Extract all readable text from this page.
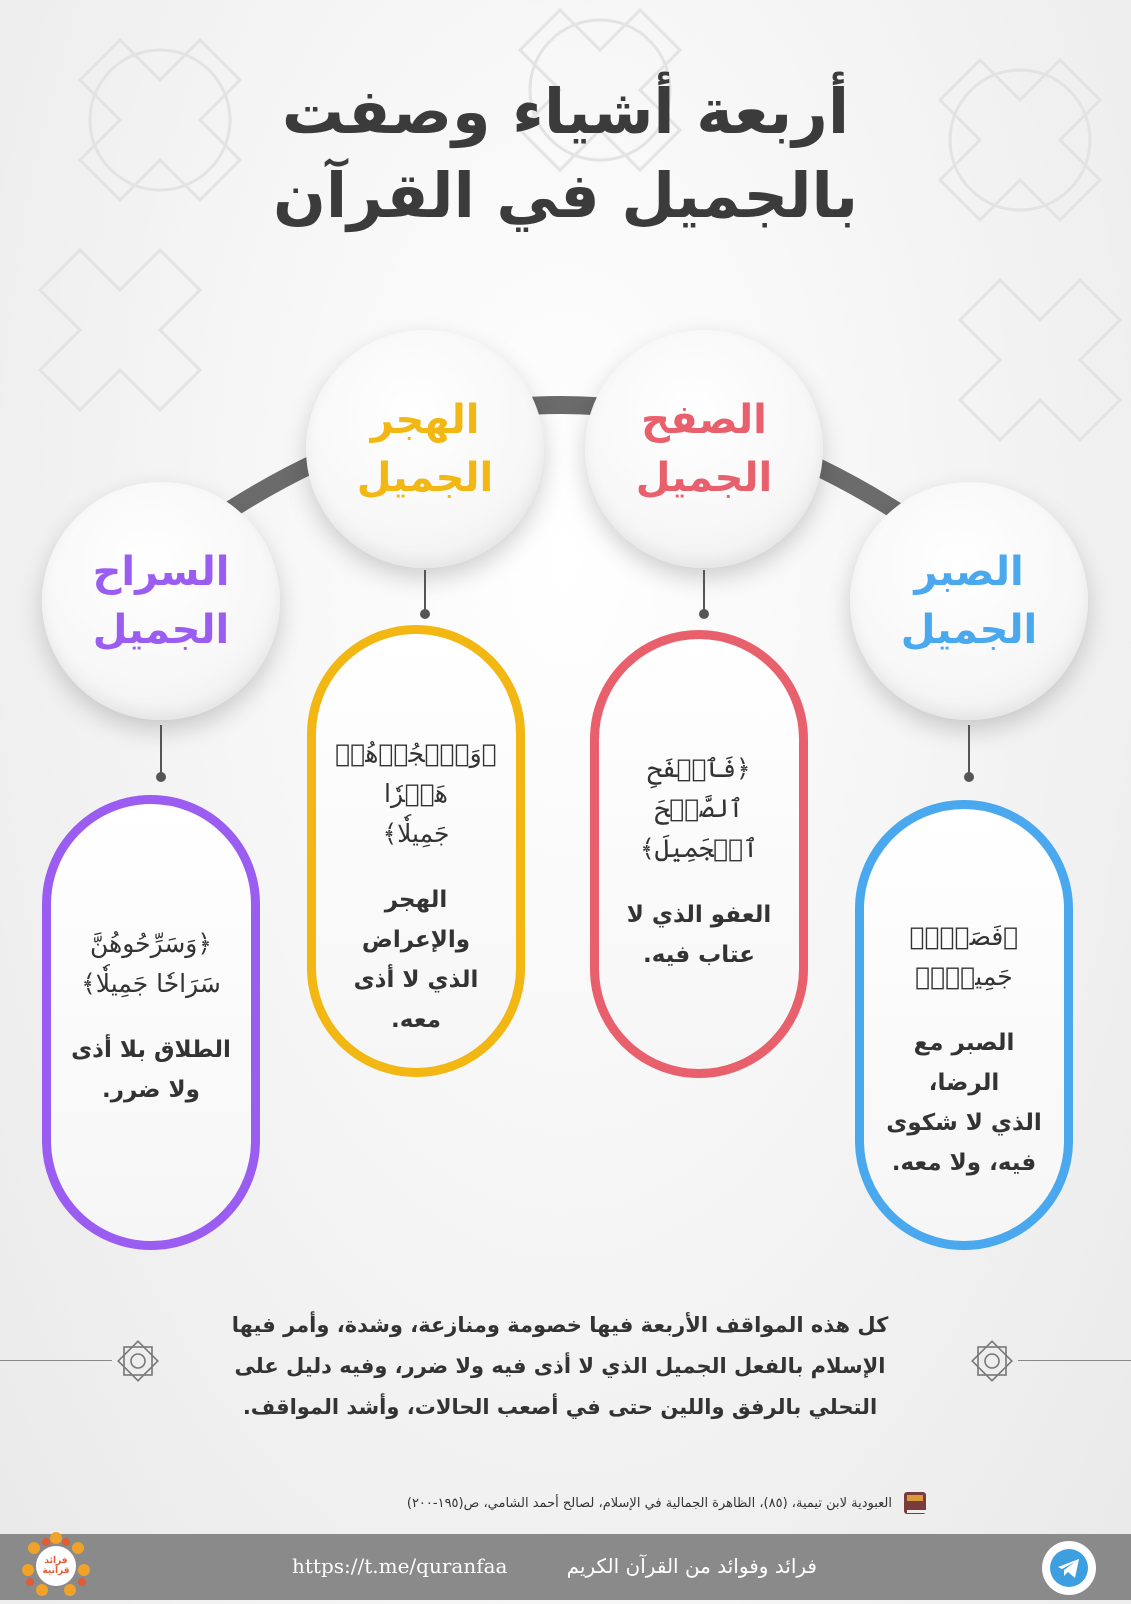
أربعة أشياء وصفت
بالجميل في القرآن
الصبر
الجميل
الصفح
الجميل
الهجر
الجميل
السراح
الجميل
﴿فَصَبۡرٞ جَمِيلٞۖ﴾
الصبر مع الرضا،
الذي لا شكوى
فيه، ولا معه.
﴿فَٱصۡفَحِ ٱلصَّفۡحَ
ٱلۡجَمِيلَ﴾
العفو الذي لا
عتاب فيه.
﴿وَٱهۡجُرۡهُمۡ هَجۡرٗا
جَمِيلٗا﴾
الهجر والإعراض
الذي لا أذى
معه.
﴿وَسَرِّحُوهُنَّ
سَرَاحٗا جَمِيلٗا﴾
الطلاق بلا أذى
ولا ضرر.
كل هذه المواقف الأربعة فيها خصومة ومنازعة، وشدة، وأمر فيها
الإسلام بالفعل الجميل الذي لا أذى فيه ولا ضرر، وفيه دليل على
التحلي بالرفق واللين حتى في أصعب الحالات، وأشد المواقف.
العبودية لابن تيمية، (٨٥)، الظاهرة الجمالية في الإسلام، لصالح أحمد الشامي، ص(١٩٥-٢٠٠)
فرائد وفوائد من القرآن الكريم
https://t.me/quranfaa
فرائد قرآنية
